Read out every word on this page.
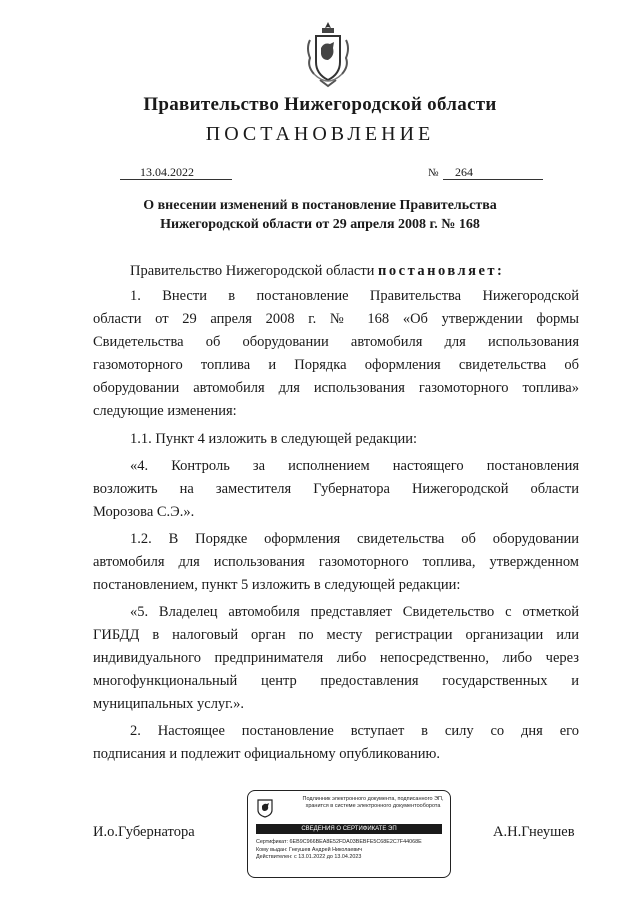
Правительство Нижегородской области
ПОСТАНОВЛЕНИЕ
13.04.2022	№	264
О внесении изменений в постановление Правительства
Нижегородской области от 29 апреля 2008 г. № 168
Правительство Нижегородской области постановляет:
1. Внести в постановление Правительства Нижегородской
области от 29 апреля 2008 г. № 168 «Об утверждении формы
Свидетельства об оборудовании автомобиля для использования
газомоторного топлива и Порядка оформления свидетельства об
оборудовании автомобиля для использования газомоторного топлива»
следующие изменения:
1.1. Пункт 4 изложить в следующей редакции:
«4. Контроль за исполнением настоящего постановления
возложить на заместителя Губернатора Нижегородской области
Морозова С.Э.».
1.2. В Порядке оформления свидетельства об оборудовании
автомобиля для использования газомоторного топлива, утвержденном
постановлением, пункт 5 изложить в следующей редакции:
«5. Владелец автомобиля представляет Свидетельство с отметкой
ГИБДД в налоговый орган по месту регистрации организации или
индивидуального предпринимателя либо непосредственно, либо через
многофункциональный центр предоставления государственных и
муниципальных услуг.».
2. Настоящее постановление вступает в силу со дня его
подписания и подлежит официальному опубликованию.
И.о.Губернатора	А.Н.Гнеушев
Подлинник электронного документа, подписанного ЭП, хранится в системе электронного документооборота
СВЕДЕНИЯ О СЕРТИФИКАТЕ ЭП
Сертификат: 6EB9C966BEA8E52FDA03BEBFE5C68E2C7F44068E
Кому выдан: Гнеушев Андрей Николаевич
Действителен: с 13.01.2022 до 13.04.2023
